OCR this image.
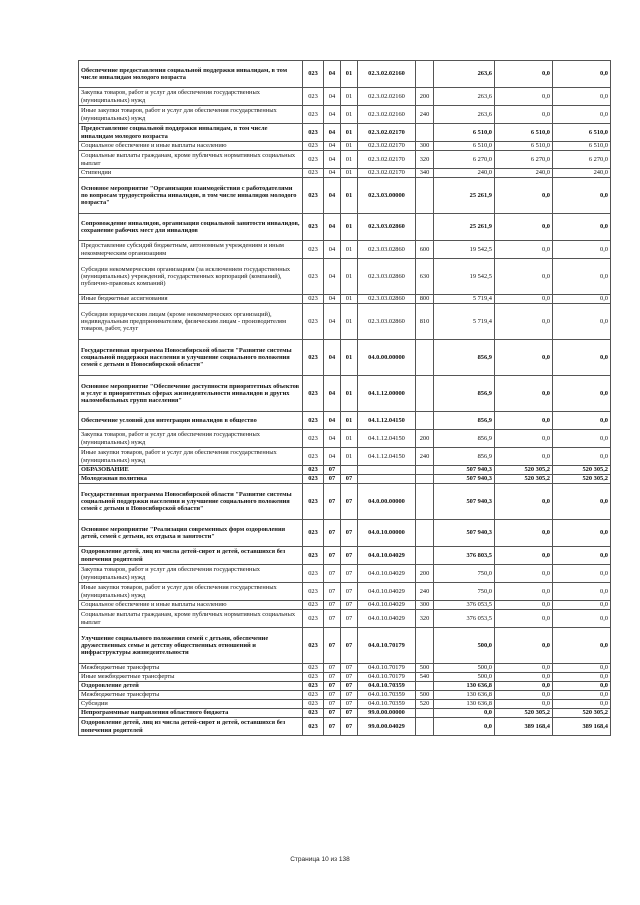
Обеспечение предоставления социальной поддержки инвалидам, в том числе инвалидам молодого возраста	023	04	01	02.3.02.02160		263,6	0,0	0,0
Закупка товаров, работ и услуг для обеспечения государственных (муниципальных) нужд	023	04	01	02.3.02.02160	200	263,6	0,0	0,0
Иные закупки товаров, работ и услуг для обеспечения государственных (муниципальных) нужд	023	04	01	02.3.02.02160	240	263,6	0,0	0,0
Предоставление социальной поддержки инвалидам, в том числе инвалидам молодого возраста	023	04	01	02.3.02.02170		6 510,0	6 510,0	6 510,0
Социальное обеспечение и иные выплаты населению	023	04	01	02.3.02.02170	300	6 510,0	6 510,0	6 510,0
Социальные выплаты гражданам, кроме публичных нормативных социальных выплат	023	04	01	02.3.02.02170	320	6 270,0	6 270,0	6 270,0
Стипендии	023	04	01	02.3.02.02170	340	240,0	240,0	240,0
Основное мероприятие "Организация взаимодействия с работодателями по вопросам трудоустройства инвалидов, в том числе инвалидов молодого возраста"	023	04	01	02.3.03.00000		25 261,9	0,0	0,0
Сопровождение инвалидов, организация социальной занятости инвалидов, сохранение рабочих мест для инвалидов	023	04	01	02.3.03.02860		25 261,9	0,0	0,0
Предоставление субсидий бюджетным, автономным учреждениям и иным некоммерческим организациям	023	04	01	02.3.03.02860	600	19 542,5	0,0	0,0
Субсидии некоммерческим организациям (за исключением государственных (муниципальных) учреждений, государственных корпораций (компаний), публично-правовых компаний)	023	04	01	02.3.03.02860	630	19 542,5	0,0	0,0
Иные бюджетные ассигнования	023	04	01	02.3.03.02860	800	5 719,4	0,0	0,0
Субсидии юридическим лицам (кроме некоммерческих организаций), индивидуальным предпринимателям, физическим лицам - производителям товаров, работ, услуг	023	04	01	02.3.03.02860	810	5 719,4	0,0	0,0
Государственная программа Новосибирской области "Развитие системы социальной поддержки населения и улучшение социального положения семей с детьми в Новосибирской области"	023	04	01	04.0.00.00000		856,9	0,0	0,0
Основное мероприятие "Обеспечение доступности приоритетных объектов и услуг в приоритетных сферах жизнедеятельности инвалидов и других маломобильных групп населения"	023	04	01	04.1.12.00000		856,9	0,0	0,0
Обеспечение условий для интеграции инвалидов в общество	023	04	01	04.1.12.04150		856,9	0,0	0,0
Закупка товаров, работ и услуг для обеспечения государственных (муниципальных) нужд	023	04	01	04.1.12.04150	200	856,9	0,0	0,0
Иные закупки товаров, работ и услуг для обеспечения государственных (муниципальных) нужд	023	04	01	04.1.12.04150	240	856,9	0,0	0,0
ОБРАЗОВАНИЕ	023	07				507 940,3	520 305,2	520 305,2
Молодежная политика	023	07	07			507 940,3	520 305,2	520 305,2
Государственная программа Новосибирской области "Развитие системы социальной поддержки населения и улучшение социального положения семей с детьми в Новосибирской области"	023	07	07	04.0.00.00000		507 940,3	0,0	0,0
Основное мероприятие "Реализация современных форм оздоровления детей, семей с детьми, их отдыха и занятости"	023	07	07	04.0.10.00000		507 940,3	0,0	0,0
Оздоровление детей, лиц из числа детей-сирот и детей, оставшихся без попечения родителей	023	07	07	04.0.10.04029		376 803,5	0,0	0,0
Закупка товаров, работ и услуг для обеспечения государственных (муниципальных) нужд	023	07	07	04.0.10.04029	200	750,0	0,0	0,0
Иные закупки товаров, работ и услуг для обеспечения государственных (муниципальных) нужд	023	07	07	04.0.10.04029	240	750,0	0,0	0,0
Социальное обеспечение и иные выплаты населению	023	07	07	04.0.10.04029	300	376 053,5	0,0	0,0
Социальные выплаты гражданам, кроме публичных нормативных социальных выплат	023	07	07	04.0.10.04029	320	376 053,5	0,0	0,0
Улучшение социального положения семей с детьми, обеспечение дружественных семье и детству общественных отношений и инфраструктуры жизнедеятельности	023	07	07	04.0.10.70179		500,0	0,0	0,0
Межбюджетные трансферты	023	07	07	04.0.10.70179	500	500,0	0,0	0,0
Иные межбюджетные трансферты	023	07	07	04.0.10.70179	540	500,0	0,0	0,0
Оздоровление детей	023	07	07	04.0.10.70359		130 636,8	0,0	0,0
Межбюджетные трансферты	023	07	07	04.0.10.70359	500	130 636,8	0,0	0,0
Субсидии	023	07	07	04.0.10.70359	520	130 636,8	0,0	0,0
Непрограммные направления областного бюджета	023	07	07	99.0.00.00000		0,0	520 305,2	520 305,2
Оздоровление детей, лиц из числа детей-сирот и детей, оставшихся без попечения родителей	023	07	07	99.0.00.04029		0,0	389 168,4	389 168,4
Страница 10 из 138
